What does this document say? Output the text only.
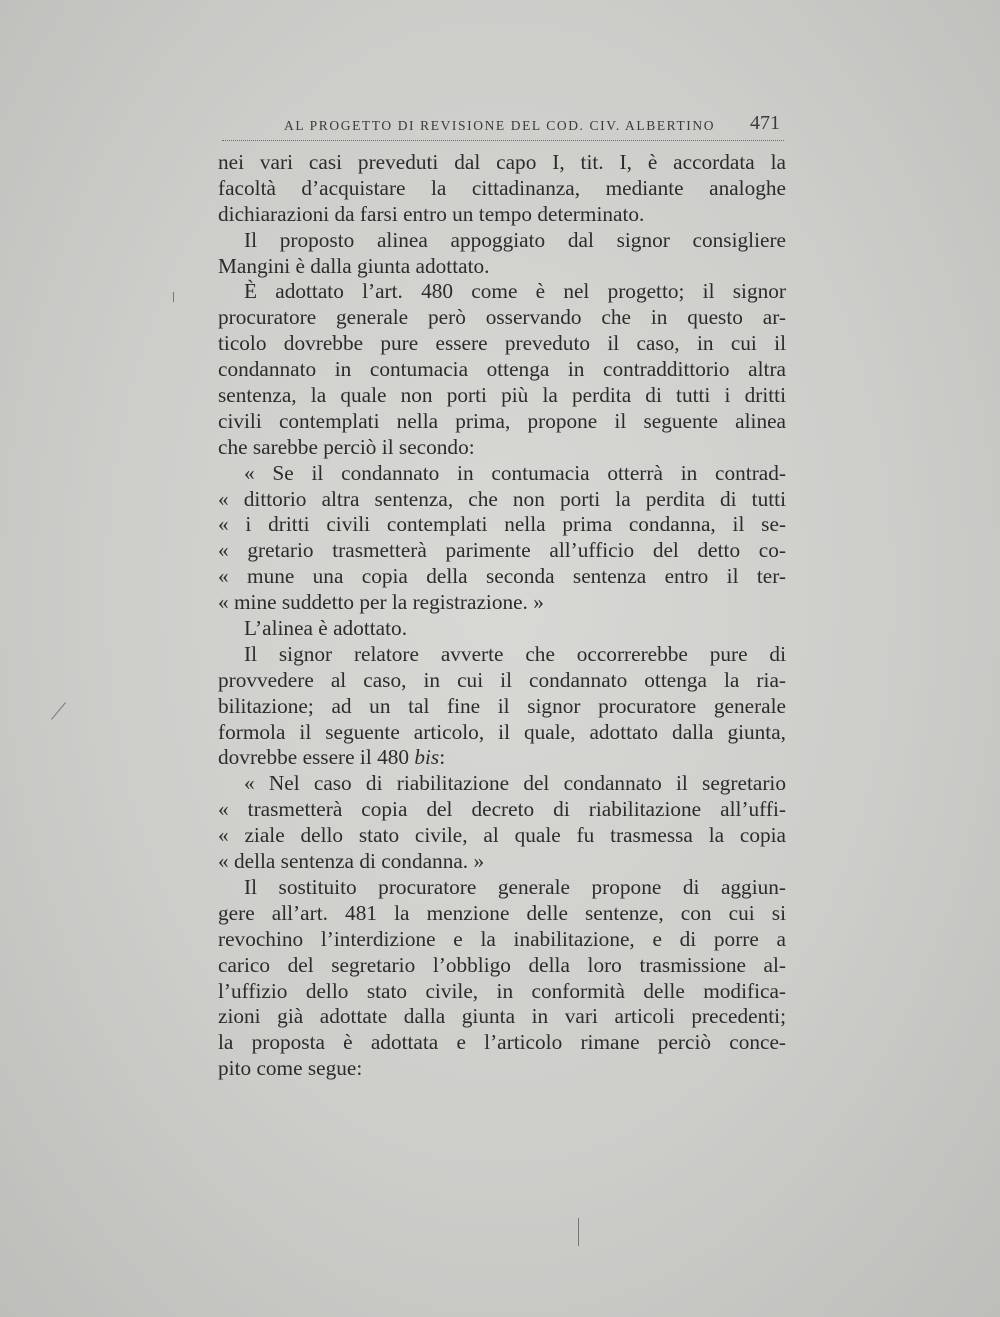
AL PROGETTO DI REVISIONE DEL COD. CIV. ALBERTINO 471
nei vari casi preveduti dal capo I, tit. I, è accordata la
facoltà d’acquistare la cittadinanza, mediante analoghe
dichiarazioni da farsi entro un tempo determinato.
Il proposto alinea appoggiato dal signor consigliere
Mangini è dalla giunta adottato.
È adottato l’art. 480 come è nel progetto; il signor
procuratore generale però osservando che in questo ar-
ticolo dovrebbe pure essere preveduto il caso, in cui il
condannato in contumacia ottenga in contraddittorio altra
sentenza, la quale non porti più la perdita di tutti i dritti
civili contemplati nella prima, propone il seguente alinea
che sarebbe perciò il secondo:
« Se il condannato in contumacia otterrà in contrad-
« dittorio altra sentenza, che non porti la perdita di tutti
« i dritti civili contemplati nella prima condanna, il se-
« gretario trasmetterà parimente all’ufficio del detto co-
« mune una copia della seconda sentenza entro il ter-
« mine suddetto per la registrazione. »
L’alinea è adottato.
Il signor relatore avverte che occorrerebbe pure di
provvedere al caso, in cui il condannato ottenga la ria-
bilitazione; ad un tal fine il signor procuratore generale
formola il seguente articolo, il quale, adottato dalla giunta,
dovrebbe essere il 480 bis:
« Nel caso di riabilitazione del condannato il segretario
« trasmetterà copia del decreto di riabilitazione all’uffi-
« ziale dello stato civile, al quale fu trasmessa la copia
« della sentenza di condanna. »
Il sostituito procuratore generale propone di aggiun-
gere all’art. 481 la menzione delle sentenze, con cui si
revochino l’interdizione e la inabilitazione, e di porre a
carico del segretario l’obbligo della loro trasmissione al-
l’uffizio dello stato civile, in conformità delle modifica-
zioni già adottate dalla giunta in vari articoli precedenti;
la proposta è adottata e l’articolo rimane perciò conce-
pito come segue:
